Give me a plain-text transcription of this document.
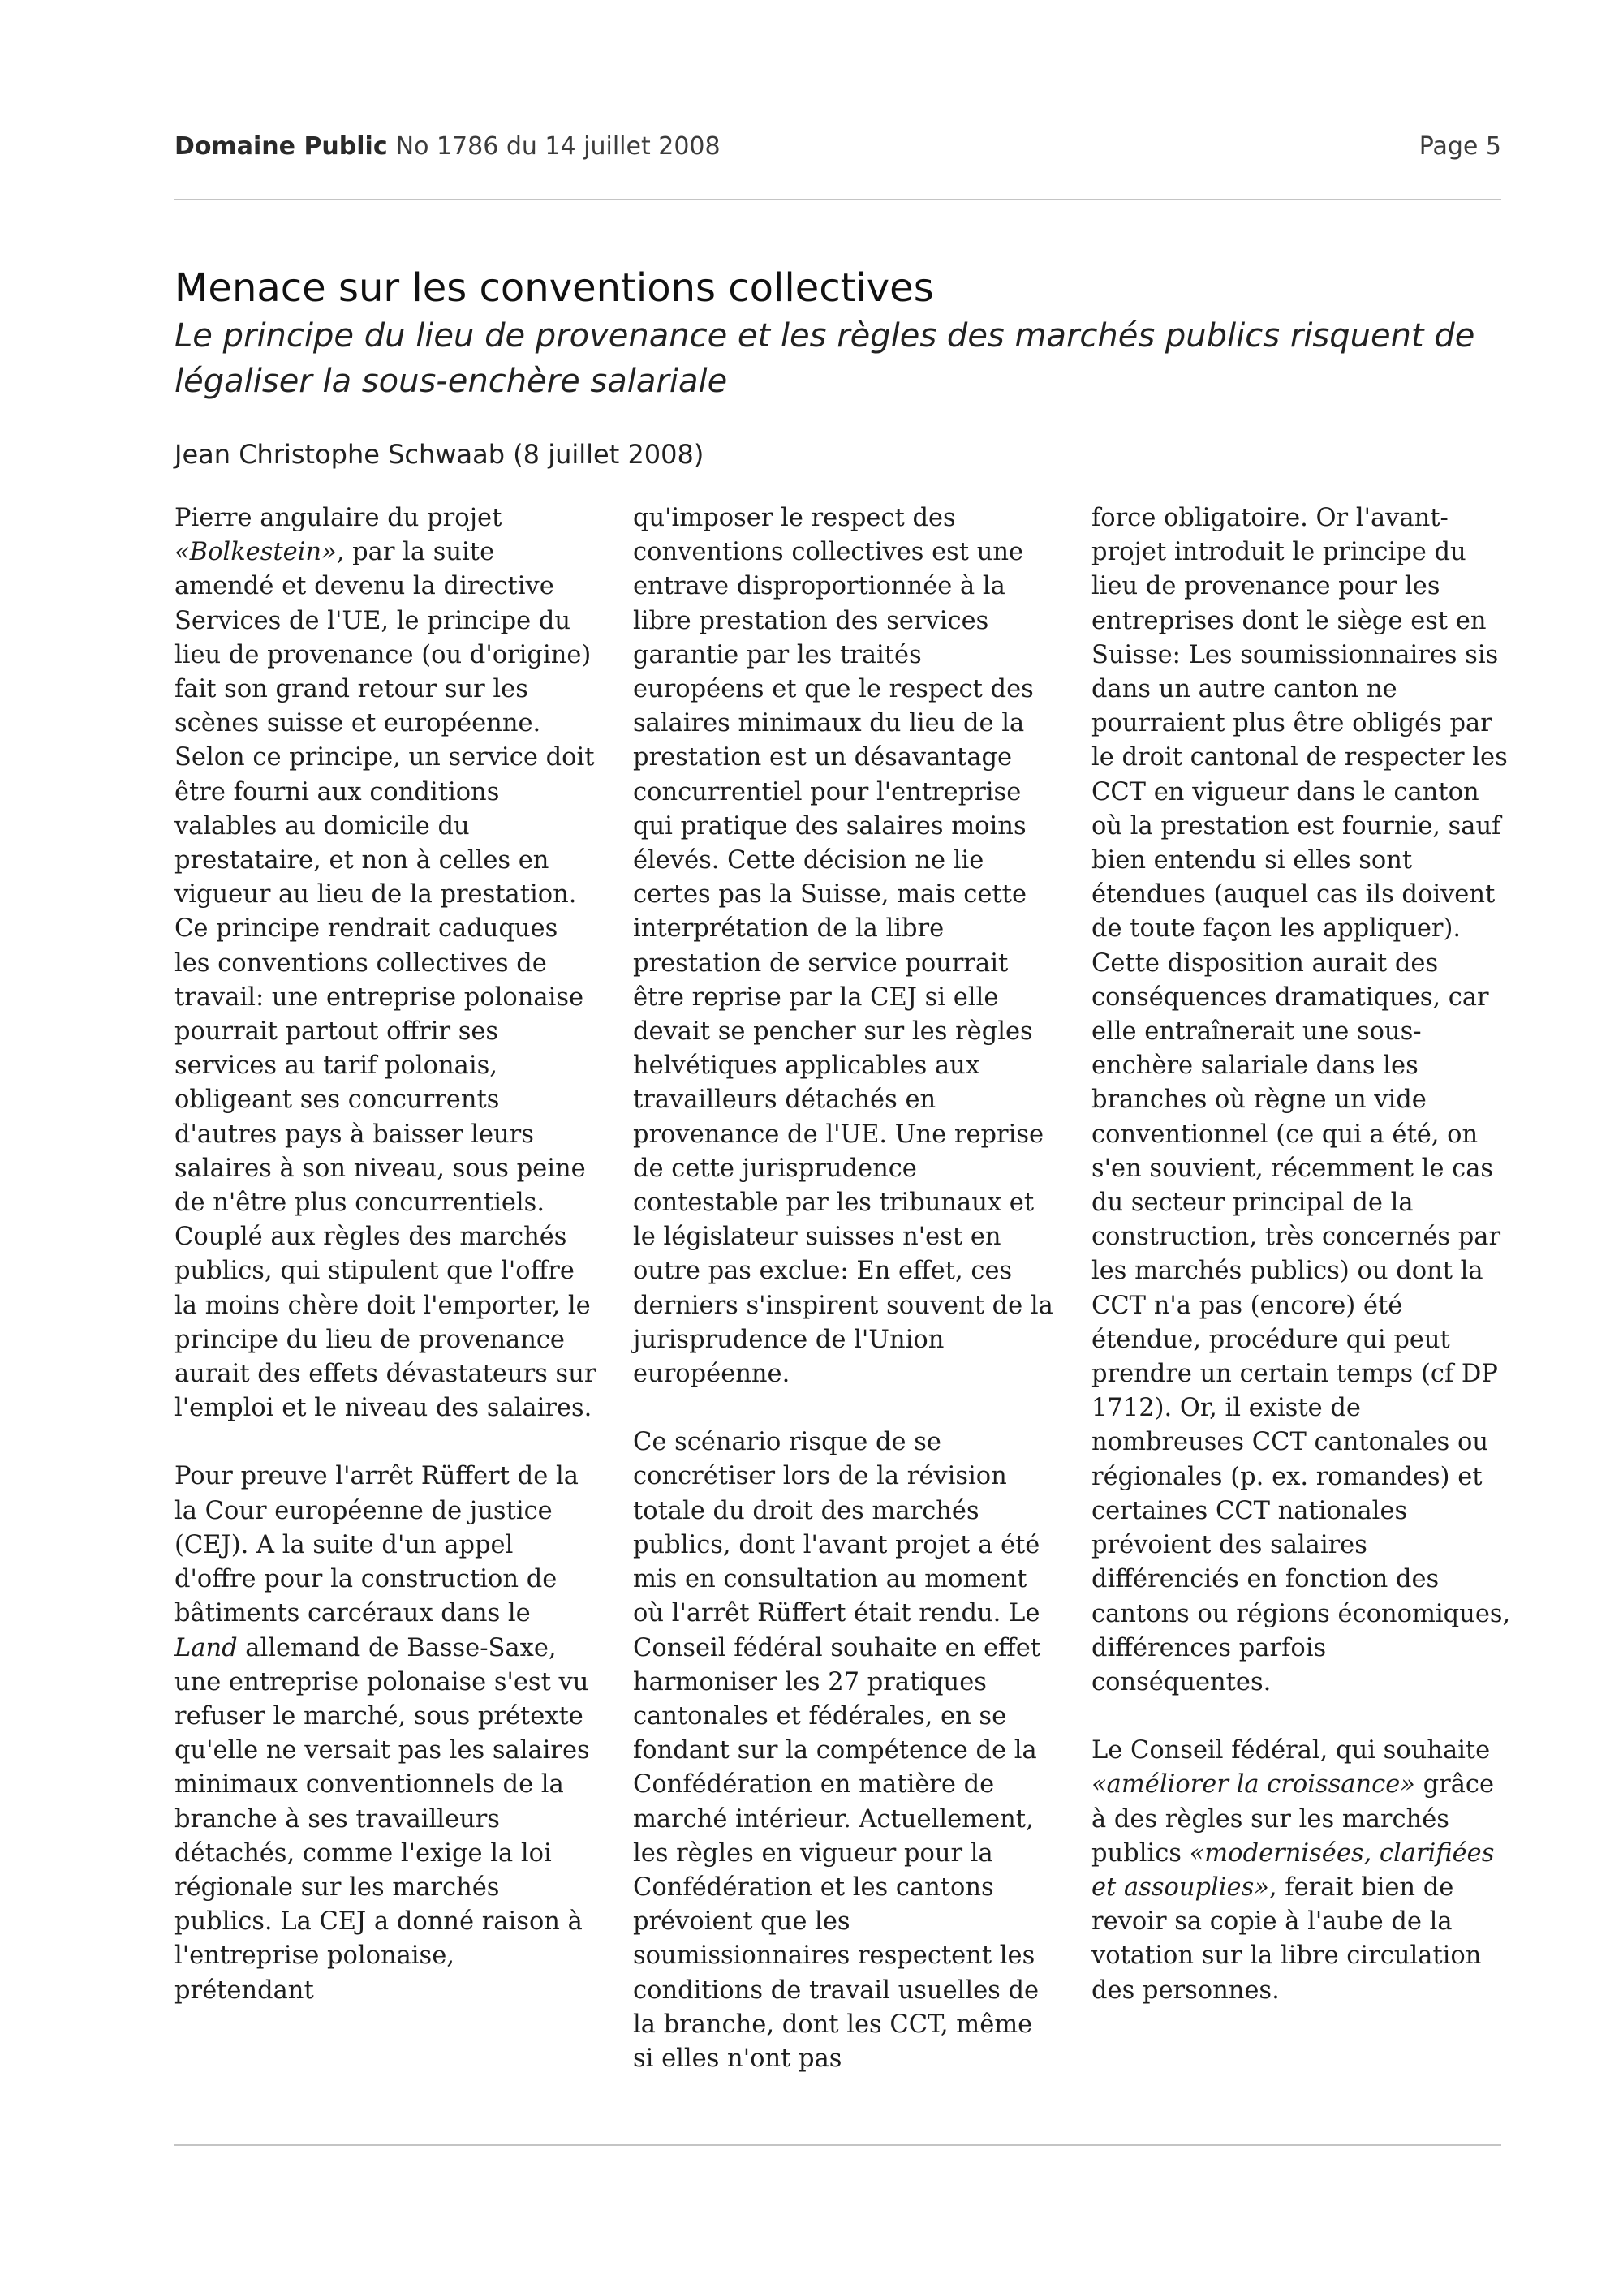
Domaine Public No 1786 du 14 juillet 2008	Page 5
Menace sur les conventions collectives

Le principe du lieu de provenance et les règles des marchés publics risquent de légaliser la sous-enchère salariale

Jean Christophe Schwaab (8 juillet 2008)

Pierre angulaire du projet «Bolkestein», par la suite amendé et devenu la directive Services de l'UE, le principe du lieu de provenance (ou d'origine) fait son grand retour sur les scènes suisse et européenne. Selon ce principe, un service doit être fourni aux conditions valables au domicile du prestataire, et non à celles en vigueur au lieu de la prestation. Ce principe rendrait caduques les conventions collectives de travail: une entreprise polonaise pourrait partout offrir ses services au tarif polonais, obligeant ses concurrents d'autres pays à baisser leurs salaires à son niveau, sous peine de n'être plus concurrentiels. Couplé aux règles des marchés publics, qui stipulent que l'offre la moins chère doit l'emporter, le principe du lieu de provenance aurait des effets dévastateurs sur l'emploi et le niveau des salaires.

Pour preuve l'arrêt Rüffert de la la Cour européenne de justice (CEJ). A la suite d'un appel d'offre pour la construction de bâtiments carcéraux dans le Land allemand de Basse-Saxe, une entreprise polonaise s'est vu refuser le marché, sous prétexte qu'elle ne versait pas les salaires minimaux conventionnels de la branche à ses travailleurs détachés, comme l'exige la loi régionale sur les marchés publics. La CEJ a donné raison à l'entreprise polonaise, prétendant

qu'imposer le respect des conventions collectives est une entrave disproportionnée à la libre prestation des services garantie par les traités européens et que le respect des salaires minimaux du lieu de la prestation est un désavantage concurrentiel pour l'entreprise qui pratique des salaires moins élevés. Cette décision ne lie certes pas la Suisse, mais cette interprétation de la libre prestation de service pourrait être reprise par la CEJ si elle devait se pencher sur les règles helvétiques applicables aux travailleurs détachés en provenance de l'UE. Une reprise de cette jurisprudence contestable par les tribunaux et le législateur suisses n'est en outre pas exclue: En effet, ces derniers s'inspirent souvent de la jurisprudence de l'Union européenne.

Ce scénario risque de se concrétiser lors de la révision totale du droit des marchés publics, dont l'avant projet a été mis en consultation au moment où l'arrêt Rüffert était rendu. Le Conseil fédéral souhaite en effet harmoniser les 27 pratiques cantonales et fédérales, en se fondant sur la compétence de la Confédération en matière de marché intérieur. Actuellement, les règles en vigueur pour la Confédération et les cantons prévoient que les soumissionnaires respectent les conditions de travail usuelles de la branche, dont les CCT, même si elles n'ont pas

force obligatoire. Or l'avant-projet introduit le principe du lieu de provenance pour les entreprises dont le siège est en Suisse: Les soumissionnaires sis dans un autre canton ne pourraient plus être obligés par le droit cantonal de respecter les CCT en vigueur dans le canton où la prestation est fournie, sauf bien entendu si elles sont étendues (auquel cas ils doivent de toute façon les appliquer). Cette disposition aurait des conséquences dramatiques, car elle entraînerait une sous-enchère salariale dans les branches où règne un vide conventionnel (ce qui a été, on s'en souvient, récemment le cas du secteur principal de la construction, très concernés par les marchés publics) ou dont la CCT n'a pas (encore) été étendue, procédure qui peut prendre un certain temps (cf DP 1712). Or, il existe de nombreuses CCT cantonales ou régionales (p. ex. romandes) et certaines CCT nationales prévoient des salaires différenciés en fonction des cantons ou régions économiques, différences parfois conséquentes.

Le Conseil fédéral, qui souhaite «améliorer la croissance» grâce à des règles sur les marchés publics «modernisées, clarifiées et assouplies», ferait bien de revoir sa copie à l'aube de la votation sur la libre circulation des personnes.
